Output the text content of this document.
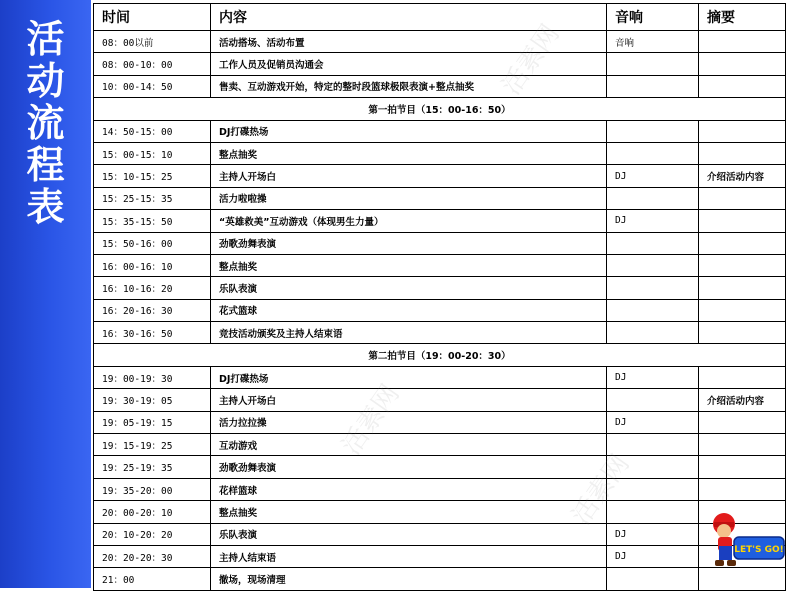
活
动
流
程
表
时间	内容	音响	摘要
08：00以前	活动搭场、活动布置	音响	
08：00-10：00	工作人员及促销员沟通会		
10：00-14：50	售卖、互动游戏开始，特定的整时段篮球极限表演+整点抽奖		
第一拍节目（15：00-16：50）			
14：50-15：00	DJ打碟热场		
15：00-15：10	整点抽奖		
15：10-15：25	主持人开场白	DJ	介绍活动内容
15：25-15：35	活力啦啦操		
15：35-15：50	“英雄救美”互动游戏（体现男生力量）	DJ	
15：50-16：00	劲歌劲舞表演		
16：00-16：10	整点抽奖		
16：10-16：20	乐队表演		
16：20-16：30	花式篮球		
16：30-16：50	竞技活动颁奖及主持人结束语		
第二拍节目（19：00-20：30）			
19：00-19：30	DJ打碟热场	DJ	
19：30-19：05	主持人开场白		介绍活动内容
19：05-19：15	活力拉拉操	DJ	
19：15-19：25	互动游戏		
19：25-19：35	劲歌劲舞表演		
19：35-20：00	花样篮球		
20：00-20：10	整点抽奖		
20：10-20：20	乐队表演	DJ	
20：20-20：30	主持人结束语	DJ	
21：00	撤场，现场清理		
活素网
活素网
活素网
LET'S GO!
